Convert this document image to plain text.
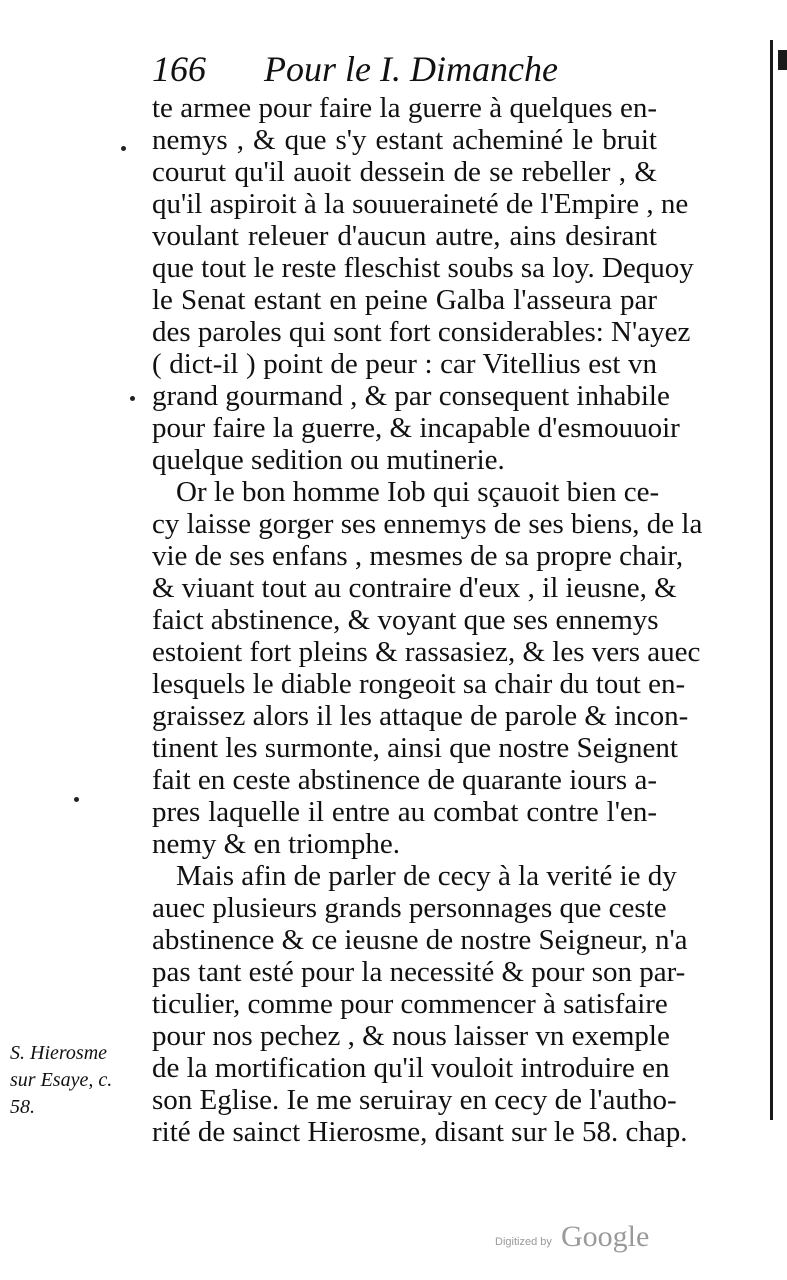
166 Pour le I. Dimanche
te armee pour faire la guerre à quelques en-
nemys , & que s'y estant acheminé le bruit
courut qu'il auoit dessein de se rebeller , &
qu'il aspiroit à la souueraineté de l'Empire , ne
voulant releuer d'aucun autre, ains desirant
que tout le reste fleschist soubs sa loy. Dequoy
le Senat estant en peine Galba l'asseura par
des paroles qui sont fort considerables: N'ayez
( dict-il ) point de peur : car Vitellius est vn
grand gourmand , & par consequent inhabile
pour faire la guerre, & incapable d'esmouuoir
quelque sedition ou mutinerie.
Or le bon homme Iob qui sçauoit bien ce-
cy laisse gorger ses ennemys de ses biens, de la
vie de ses enfans , mesmes de sa propre chair,
& viuant tout au contraire d'eux , il ieusne, &
faict abstinence, & voyant que ses ennemys
estoient fort pleins & rassasiez, & les vers auec
lesquels le diable rongeoit sa chair du tout en-
graissez alors il les attaque de parole & incon-
tinent les surmonte, ainsi que nostre Seignent
fait en ceste abstinence de quarante iours a-
pres laquelle il entre au combat contre l'en-
nemy & en triomphe.
Mais afin de parler de cecy à la verité ie dy
auec plusieurs grands personnages que ceste
abstinence & ce ieusne de nostre Seigneur, n'a
pas tant esté pour la necessité & pour son par-
ticulier, comme pour commencer à satisfaire
pour nos pechez , & nous laisser vn exemple
de la mortification qu'il vouloit introduire en
son Eglise. Ie me seruiray en cecy de l'autho-
rité de sainct Hierosme, disant sur le 58. chap.
S. Hierosme
sur Esaye, c.
58.
Digitized by Google
